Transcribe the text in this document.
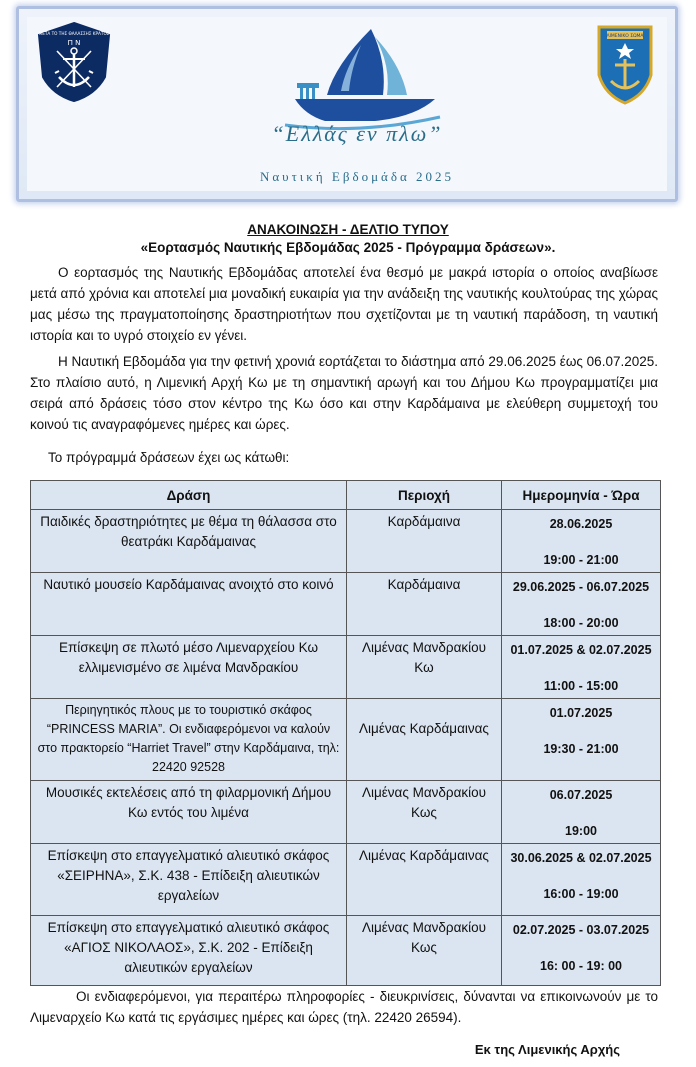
ΜΕΤΑ ΤΟ ΤΗΣ ΘΑΛΑΣΣΗΣ ΚΡΑΤΟΣ
Π Ν
“Ελλάς εν πλω”
Ναυτική Εβδομάδα 2025
ΛΙΜΕΝΙΚΟ ΣΩΜΑ
ΑΝΑΚΟΙΝΩΣΗ - ΔΕΛΤΙΟ ΤΥΠΟΥ
«Εορτασμός Ναυτικής Εβδομάδας 2025 - Πρόγραμμα δράσεων».

Ο εορτασμός της Ναυτικής Εβδομάδας αποτελεί ένα θεσμό με μακρά ιστορία ο οποίος αναβίωσε μετά από χρόνια και αποτελεί μια μοναδική ευκαιρία για την ανάδειξη της ναυτικής κουλτούρας της χώρας μας μέσω της πραγματοποίησης δραστηριοτήτων που σχετίζονται με τη ναυτική παράδοση, τη ναυτική ιστορία και το υγρό στοιχείο εν γένει.

Η Ναυτική Εβδομάδα για την φετινή χρονιά εορτάζεται το διάστημα από 29.06.2025 έως 06.07.2025. Στο πλαίσιο αυτό, η Λιμενική Αρχή Κω με τη σημαντική αρωγή και του Δήμου Κω προγραμματίζει μια σειρά από δράσεις τόσο στον κέντρο της Κω όσο και στην Καρδάμαινα με ελεύθερη συμμετοχή του κοινού τις αναγραφόμενες ημέρες και ώρες.

Το πρόγραμμά δράσεων έχει ως κάτωθι:

Δράση	Περιοχή	Ημερομηνία - Ώρα
Παιδικές δραστηριότητες με θέμα τη θάλασσα στο θεατράκι Καρδάμαινας	Καρδάμαινα	28.06.2025
19:00 - 21:00

Ναυτικό μουσείο Καρδάμαινας ανοιχτό στο κοινό	Καρδάμαινα	29.06.2025 - 06.07.2025
18:00 - 20:00

Επίσκεψη σε πλωτό μέσο Λιμεναρχείου Κω ελλιμενισμένο σε λιμένα Μανδρακίου	Λιμένας Μανδρακίου Κω	01.07.2025 & 02.07.2025
11:00 - 15:00

Περιηγητικός πλους με το τουριστικό σκάφος “PRINCESS MARIA”. Οι ενδιαφερόμενοι να καλούν στο πρακτορείο “Harriet Travel” στην Καρδάμαινα, τηλ: 22420 92528	Λιμένας Καρδάμαινας	01.07.2025
19:30 - 21:00

Μουσικές εκτελέσεις από τη φιλαρμονική Δήμου Κω εντός του λιμένα	Λιμένας Μανδρακίου Κως	06.07.2025
19:00

Επίσκεψη στο επαγγελματικό αλιευτικό σκάφος «ΣΕΙΡΗΝΑ», Σ.Κ. 438 - Επίδειξη αλιευτικών εργαλείων	Λιμένας Καρδάμαινας	30.06.2025 & 02.07.2025
16:00 - 19:00

Επίσκεψη στο επαγγελματικό αλιευτικό σκάφος «ΑΓΙΟΣ ΝΙΚΟΛΑΟΣ», Σ.Κ. 202 - Επίδειξη αλιευτικών εργαλείων	Λιμένας Μανδρακίου Κως	02.07.2025 - 03.07.2025
16: 00 - 19: 00

Οι ενδιαφερόμενοι, για περαιτέρω πληροφορίες - διευκρινίσεις, δύνανται να επικοινωνούν με το Λιμεναρχείο Κω κατά τις εργάσιμες ημέρες και ώρες (τηλ. 22420 26594).

Εκ της Λιμενικής Αρχής
